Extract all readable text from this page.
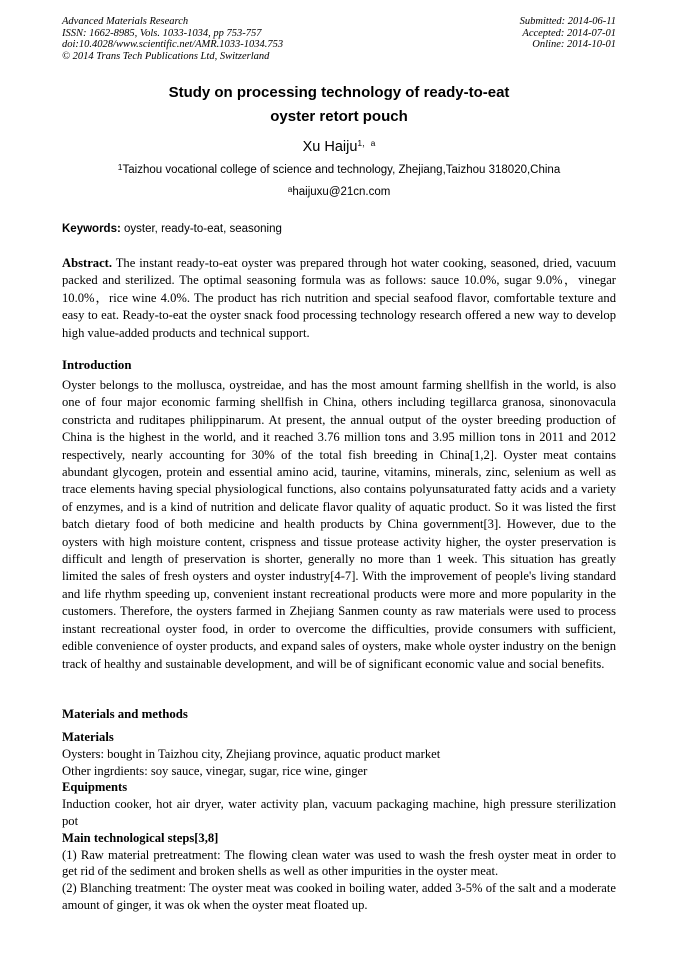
Advanced Materials Research
ISSN: 1662-8985, Vols. 1033-1034, pp 753-757
doi:10.4028/www.scientific.net/AMR.1033-1034.753
© 2014 Trans Tech Publications Ltd, Switzerland
Submitted: 2014-06-11
Accepted: 2014-07-01
Online: 2014-10-01
Study on processing technology of ready-to-eat
oyster retort pouch
Xu Haiju$^{1,a}$
$^1$Taizhou vocational college of science and technology, Zhejiang,Taizhou 318020,China
$^a$haijuxu@21cn.com
Keywords: oyster, ready-to-eat, seasoning
Abstract. The instant ready-to-eat oyster was prepared through hot water cooking, seasoned, dried, vacuum packed and sterilized. The optimal seasoning formula was as follows: sauce 10.0%, sugar 9.0%，vinegar 10.0%，rice wine 4.0%. The product has rich nutrition and special seafood flavor, comfortable texture and easy to eat. Ready-to-eat the oyster snack food processing technology research offered a new way to develop high value-added products and technical support.
Introduction
Oyster belongs to the mollusca, oystreidae, and has the most amount farming shellfish in the world, is also one of four major economic farming shellfish in China, others including tegillarca granosa, sinonovacula constricta and ruditapes philippinarum. At present, the annual output of the oyster breeding production of China is the highest in the world, and it reached 3.76 million tons and 3.95 million tons in 2011 and 2012 respectively, nearly accounting for 30% of the total fish breeding in China[1,2]. Oyster meat contains abundant glycogen, protein and essential amino acid, taurine, vitamins, minerals, zinc, selenium as well as trace elements having special physiological functions, also contains polyunsaturated fatty acids and a variety of enzymes, and is a kind of nutrition and delicate flavor quality of aquatic product. So it was listed the first batch dietary food of both medicine and health products by China government[3]. However, due to the oysters with high moisture content, crispness and tissue protease activity higher, the oyster preservation is difficult and length of preservation is shorter, generally no more than 1 week. This situation has greatly limited the sales of fresh oysters and oyster industry[4-7]. With the improvement of people's living standard and life rhythm speeding up, convenient instant recreational products were more and more popularity in the customers. Therefore, the oysters farmed in Zhejiang Sanmen county as raw materials were used to process instant recreational oyster food, in order to overcome the difficulties, provide consumers with sufficient, edible convenience of oyster products, and expand sales of oysters, make whole oyster industry on the benign track of healthy and sustainable development, and will be of significant economic value and social benefits.
Materials and methods
Materials
Oysters: bought in Taizhou city, Zhejiang province, aquatic product market
Other ingrdients: soy sauce, vinegar, sugar, rice wine, ginger
Equipments
Induction cooker, hot air dryer, water activity plan, vacuum packaging machine, high pressure sterilization pot
Main technological steps[3,8]
(1) Raw material pretreatment: The flowing clean water was used to wash the fresh oyster meat in order to get rid of the sediment and broken shells as well as other impurities in the oyster meat.
(2) Blanching treatment: The oyster meat was cooked in boiling water, added 3-5% of the salt and a moderate amount of ginger, it was ok when the oyster meat floated up.
